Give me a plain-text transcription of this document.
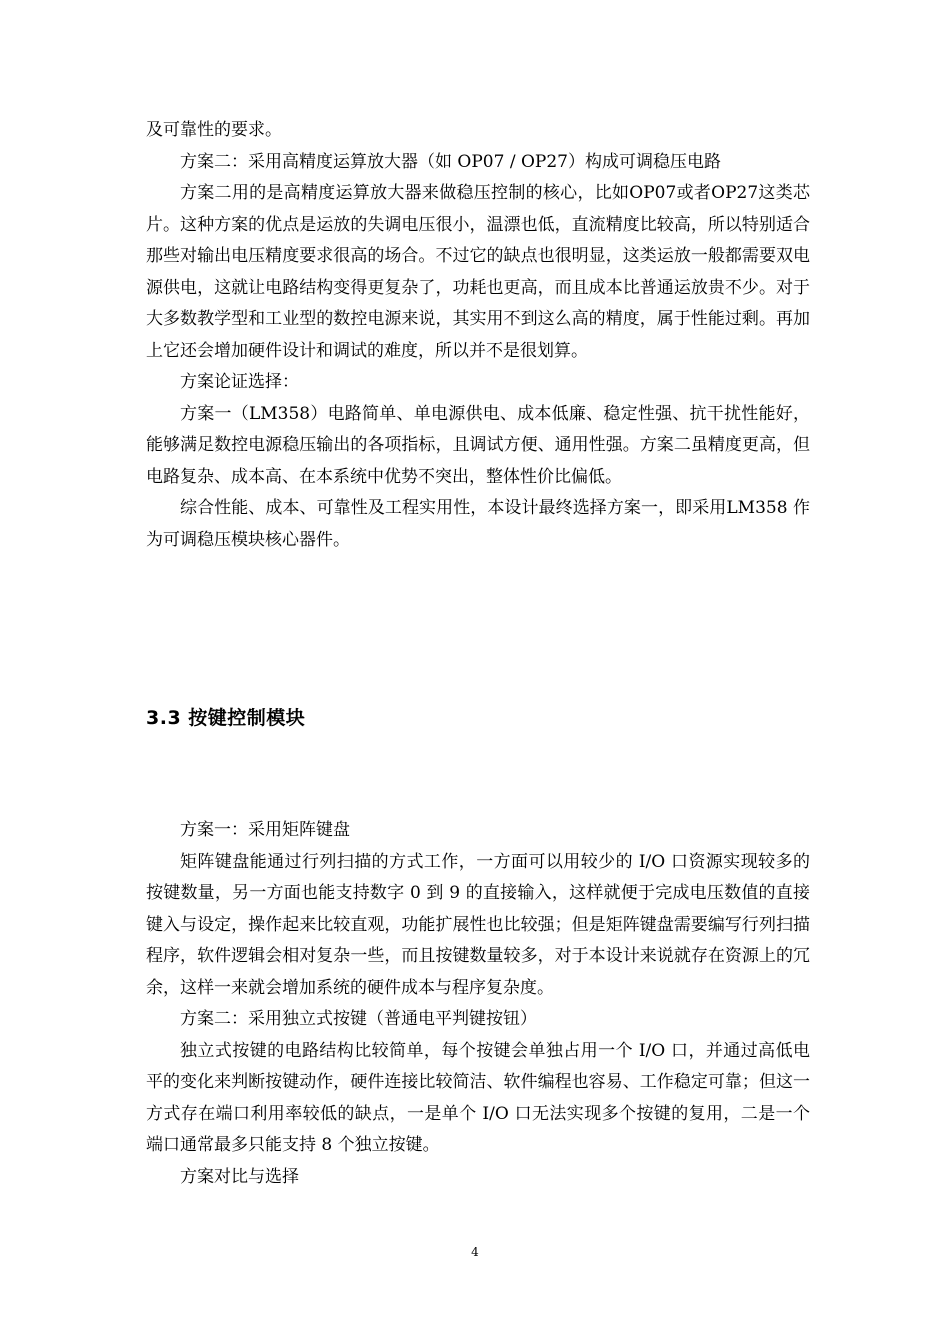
及可靠性的要求。

方案二：采用高精度运算放大器（如 OP07 / OP27）构成可调稳压电路

方案二用的是高精度运算放大器来做稳压控制的核心，比如OP07或者OP27这类芯片。这种方案的优点是运放的失调电压很小，温漂也低，直流精度比较高，所以特别适合那些对输出电压精度要求很高的场合。不过它的缺点也很明显，这类运放一般都需要双电源供电，这就让电路结构变得更复杂了，功耗也更高，而且成本比普通运放贵不少。对于大多数教学型和工业型的数控电源来说，其实用不到这么高的精度，属于性能过剩。再加上它还会增加硬件设计和调试的难度，所以并不是很划算。

方案论证选择：

方案一（LM358）电路简单、单电源供电、成本低廉、稳定性强、抗干扰性能好，能够满足数控电源稳压输出的各项指标，且调试方便、通用性强。方案二虽精度更高，但电路复杂、成本高、在本系统中优势不突出，整体性价比偏低。

综合性能、成本、可靠性及工程实用性，本设计最终选择方案一，即采用LM358 作为可调稳压模块核心器件。

3.3 按键控制模块

方案一：采用矩阵键盘

矩阵键盘能通过行列扫描的方式工作，一方面可以用较少的 I/O 口资源实现较多的按键数量，另一方面也能支持数字 0 到 9 的直接输入，这样就便于完成电压数值的直接键入与设定，操作起来比较直观，功能扩展性也比较强；但是矩阵键盘需要编写行列扫描程序，软件逻辑会相对复杂一些，而且按键数量较多，对于本设计来说就存在资源上的冗余，这样一来就会增加系统的硬件成本与程序复杂度。

方案二：采用独立式按键（普通电平判键按钮）

独立式按键的电路结构比较简单，每个按键会单独占用一个 I/O 口，并通过高低电平的变化来判断按键动作，硬件连接比较简洁、软件编程也容易、工作稳定可靠；但这一方式存在端口利用率较低的缺点，一是单个 I/O 口无法实现多个按键的复用，二是一个端口通常最多只能支持 8 个独立按键。

方案对比与选择

4
